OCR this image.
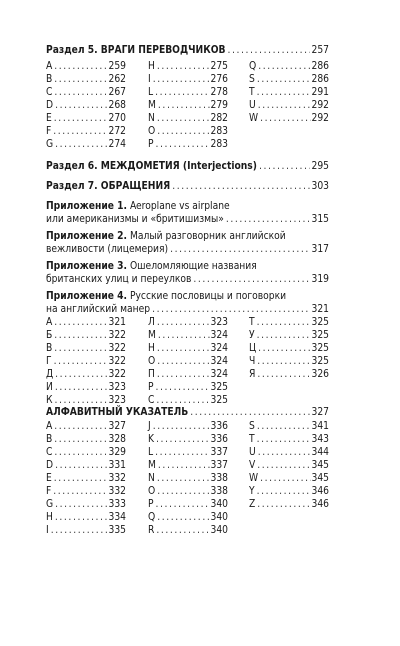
Раздел 5. ВРАГИ ПЕРЕВОДЧИКОВ .....	257
A .....	259
B .....	262
C .....	267
D .....	268
E .....	270
F .....	272
G .....	274
H .....	275
I .....	276
L .....	278
M .....	279
N .....	282
O .....	283
P .....	283
Q .....	286
S .....	286
T .....	291
U .....	292
W .....	292
Раздел 6. МЕЖДОМЕТИЯ (Interjections) .....	295
Раздел 7. ОБРАЩЕНИЯ .....	303
Приложение 1. Aeroplane vs airplane
или американизмы и «бритишизмы» .....	315
Приложение 2. Малый разговорник английской
вежливости (лицемерия) .....	317
Приложение 3. Ошеломляющие названия
британских улиц и переулков .....	319
Приложение 4. Русские пословицы и поговорки
на английский манер .....	321
А .....	321
Б .....	322
В .....	322
Г .....	322
Д .....	322
И .....	323
К .....	323
Л .....	323
М .....	324
Н .....	324
О .....	324
П .....	324
Р .....	325
С .....	325
Т .....	325
У .....	325
Ц .....	325
Ч .....	325
Я .....	326
АЛФАВИТНЫЙ УКАЗАТЕЛЬ .....	327
A .....	327
B .....	328
C .....	329
D .....	331
E .....	332
F .....	332
G .....	333
H .....	334
I .....	335
J .....	336
K .....	336
L .....	337
M .....	337
N .....	338
O .....	338
P .....	340
Q .....	340
R .....	340
S .....	341
T .....	343
U .....	344
V .....	345
W .....	345
Y .....	346
Z .....	346
